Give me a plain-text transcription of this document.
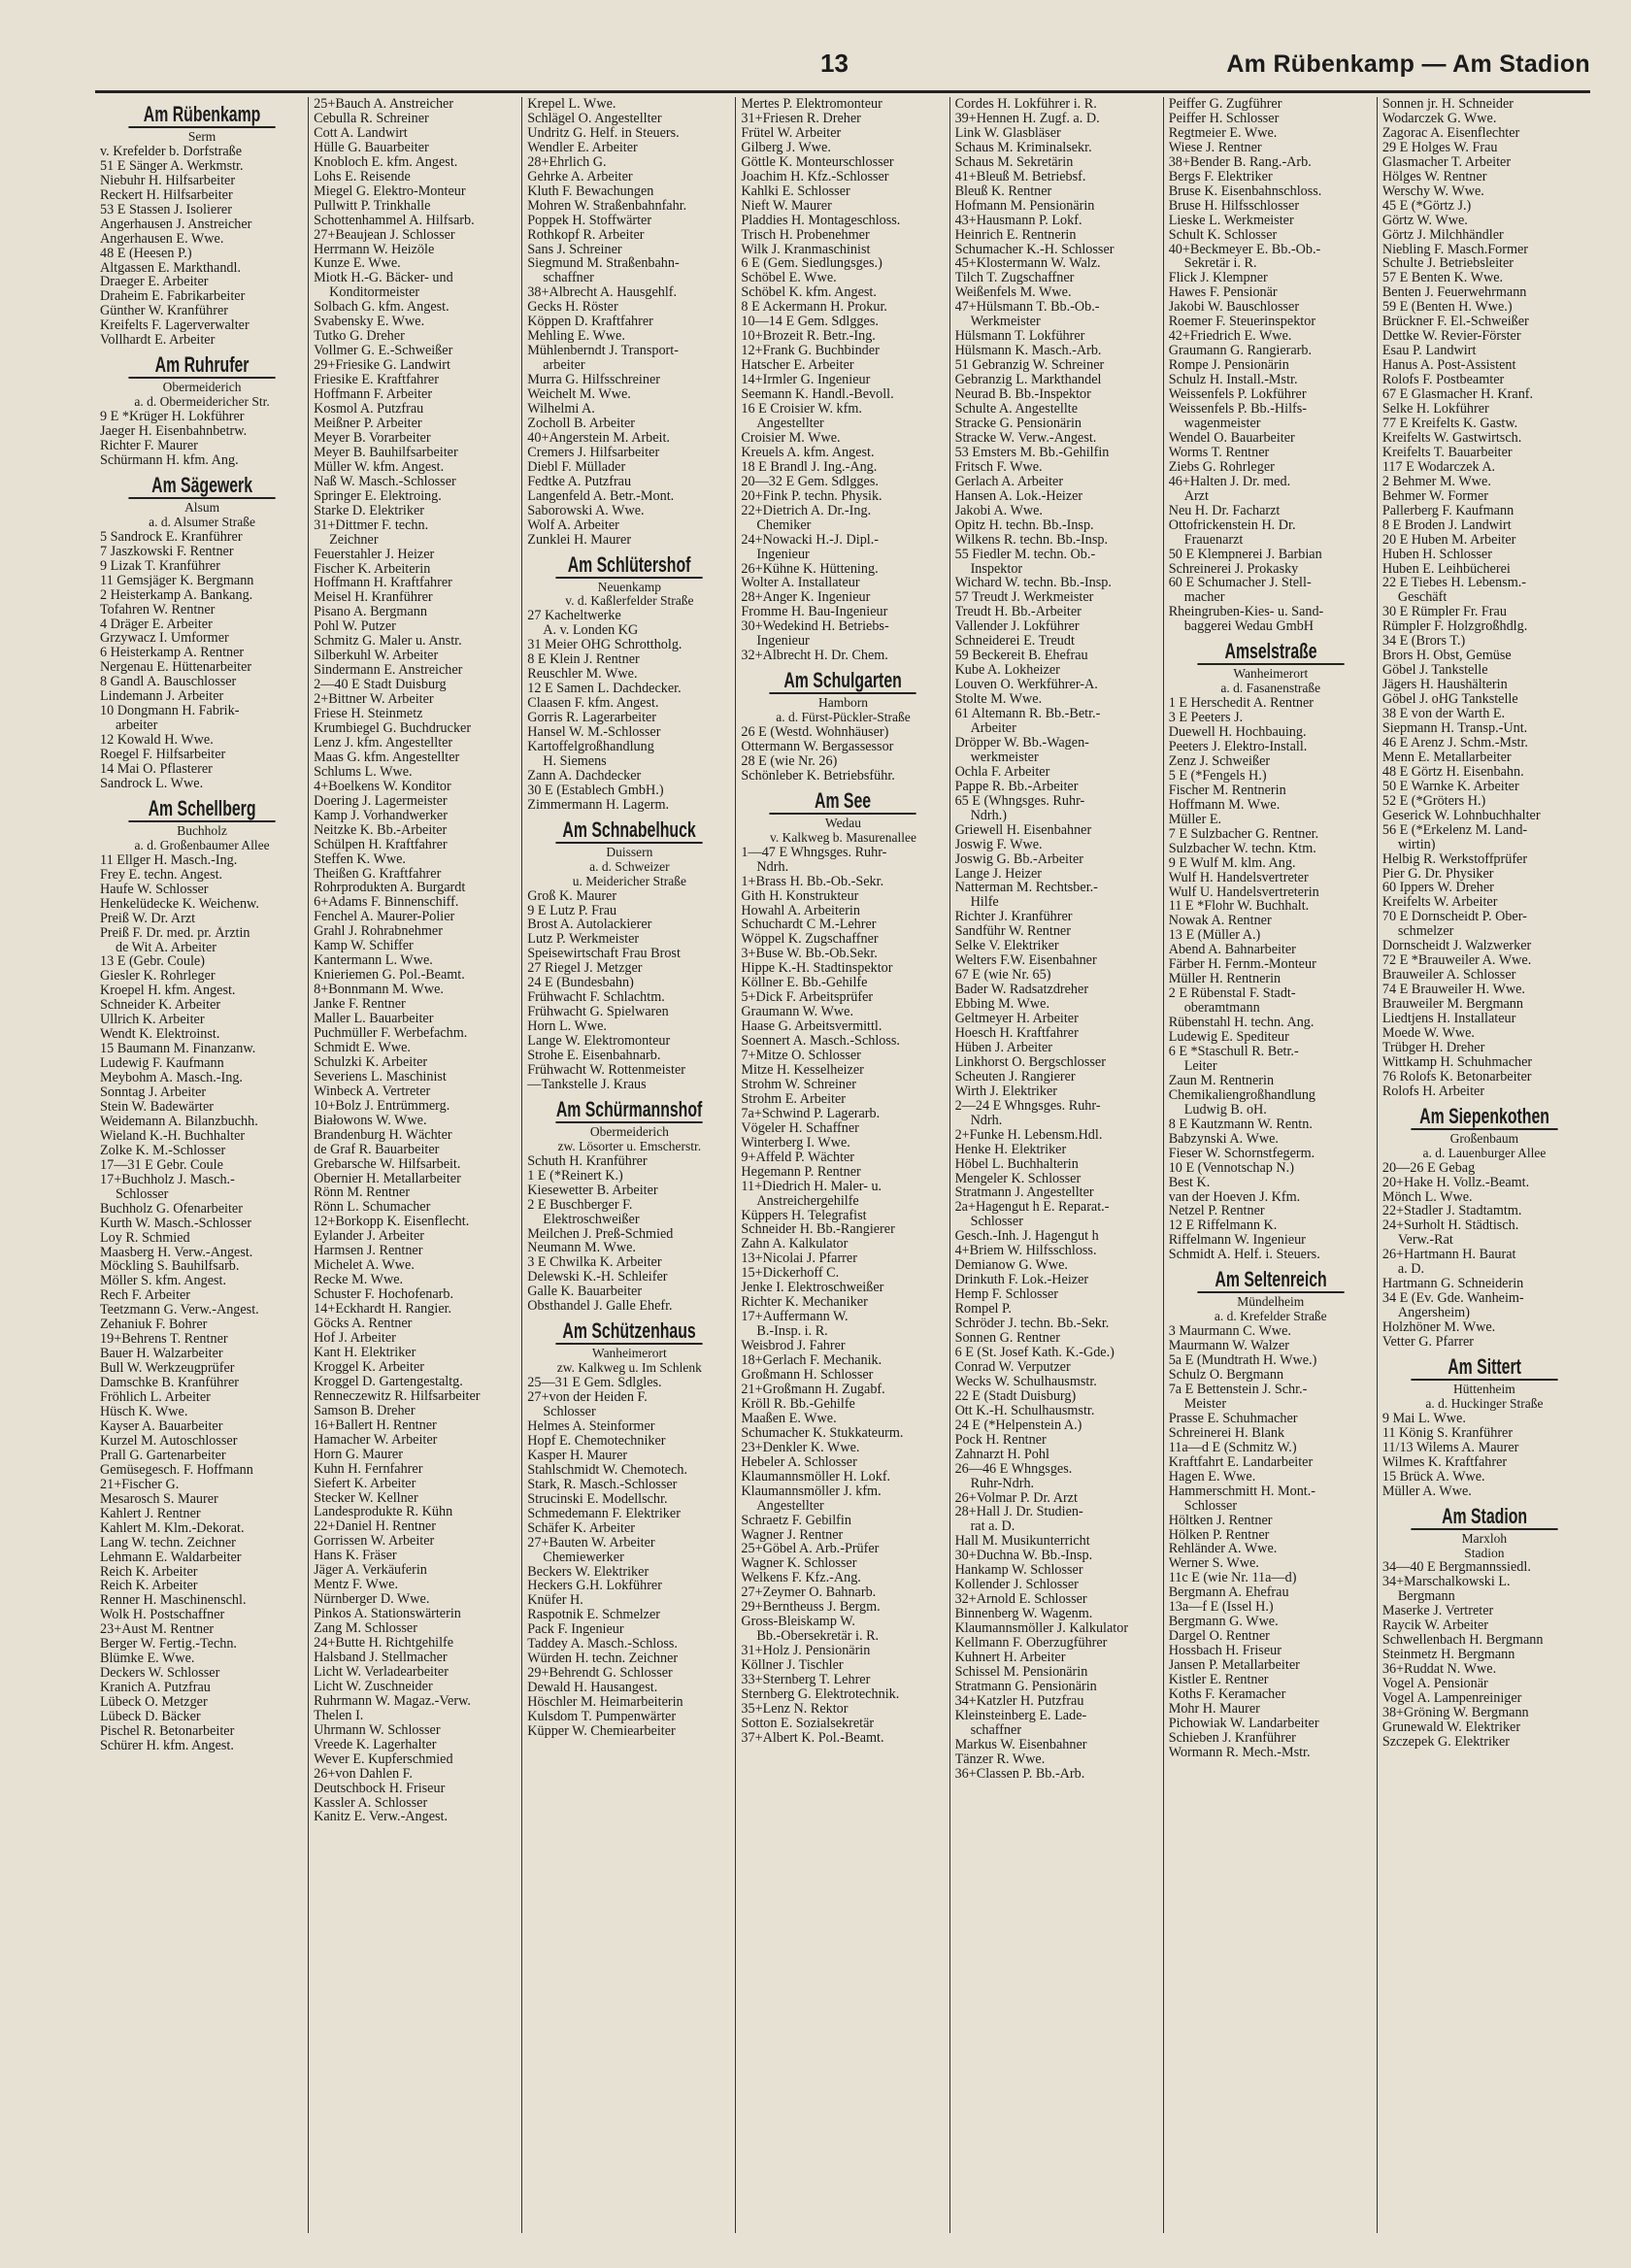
13	Am Rübenkamp — Am Stadion
Am Rübenkamp
Serm
v. Krefelder b. Dorfstraße
51 E Sänger A. Werkmstr.
Niebuhr H. Hilfsarbeiter
Reckert H. Hilfsarbeiter
53 E Stassen J. Isolierer
Angerhausen J. Anstreicher
Angerhausen E. Wwe.
48 E (Heesen P.)
Altgassen E. Markthandl.
Draeger E. Arbeiter
Draheim E. Fabrikarbeiter
Günther W. Kranführer
Kreifelts F. Lagerverwalter
Vollhardt E. Arbeiter
Am Ruhrufer
Obermeiderich
a. d. Obermeidericher Str.
9 E *Krüger H. Lokführer
Jaeger H. Eisenbahnbetrw.
Richter F. Maurer
Schürmann H. kfm. Ang.
Am Sägewerk
Alsum
a. d. Alsumer Straße
5 Sandrock E. Kranführer
7 Jaszkowski F. Rentner
9 Lizak T. Kranführer
11 Gemsjäger K. Bergmann
2 Heisterkamp A. Bankang.
Tofahren W. Rentner
4 Dräger E. Arbeiter
Grzywacz I. Umformer
6 Heisterkamp A. Rentner
Nergenau E. Hüttenarbeiter
8 Gandl A. Bauschlosser
Lindemann J. Arbeiter
10 Dongmann H. Fabrik-
arbeiter
12 Kowald H. Wwe.
Roegel F. Hilfsarbeiter
14 Mai O. Pflasterer
Sandrock L. Wwe.
Am Schellberg
Buchholz
a. d. Großenbaumer Allee
11 Ellger H. Masch.-Ing.
Frey E. techn. Angest.
Haufe W. Schlosser
Henkelüdecke K. Weichenw.
Preiß W. Dr. Arzt
Preiß F. Dr. med. pr. Ärztin
de Wit A. Arbeiter
13 E (Gebr. Coule)
Giesler K. Rohrleger
Kroepel H. kfm. Angest.
Schneider K. Arbeiter
Ullrich K. Arbeiter
Wendt K. Elektroinst.
15 Baumann M. Finanzanw.
Ludewig F. Kaufmann
Meybohm A. Masch.-Ing.
Sonntag J. Arbeiter
Stein W. Badewärter
Weidemann A. Bilanzbuchh.
Wieland K.-H. Buchhalter
Zolke K. M.-Schlosser
17—31 E Gebr. Coule
17+Buchholz J. Masch.-
Schlosser
Buchholz G. Ofenarbeiter
Kurth W. Masch.-Schlosser
Loy R. Schmied
Maasberg H. Verw.-Angest.
Möckling S. Bauhilfsarb.
Möller S. kfm. Angest.
Rech F. Arbeiter
Teetzmann G. Verw.-Angest.
Zehaniuk F. Bohrer
19+Behrens T. Rentner
Bauer H. Walzarbeiter
Bull W. Werkzeugprüfer
Damschke B. Kranführer
Fröhlich L. Arbeiter
Hüsch K. Wwe.
Kayser A. Bauarbeiter
Kurzel M. Autoschlosser
Prall G. Gartenarbeiter
Gemüsegesch. F. Hoffmann
21+Fischer G.
Mesarosch S. Maurer
Kahlert J. Rentner
Kahlert M. Klm.-Dekorat.
Lang W. techn. Zeichner
Lehmann E. Waldarbeiter
Reich K. Arbeiter
Reich K. Arbeiter
Renner H. Maschinenschl.
Wolk H. Postschaffner
23+Aust M. Rentner
Berger W. Fertig.-Techn.
Blümke E. Wwe.
Deckers W. Schlosser
Kranich A. Putzfrau
Lübeck O. Metzger
Lübeck D. Bäcker
Pischel R. Betonarbeiter
Schürer H. kfm. Angest.
25+Bauch A. Anstreicher
Cebulla R. Schreiner
Cott A. Landwirt
Hülle G. Bauarbeiter
Knobloch E. kfm. Angest.
Lohs E. Reisende
Miegel G. Elektro-Monteur
Pullwitt P. Trinkhalle
Schottenhammel A. Hilfsarb.
27+Beaujean J. Schlosser
Herrmann W. Heizöle
Kunze E. Wwe.
Miotk H.-G. Bäcker- und
Konditormeister
Solbach G. kfm. Angest.
Svabensky E. Wwe.
Tutko G. Dreher
Vollmer G. E.-Schweißer
29+Friesike G. Landwirt
Friesike E. Kraftfahrer
Hoffmann F. Arbeiter
Kosmol A. Putzfrau
Meißner P. Arbeiter
Meyer B. Vorarbeiter
Meyer B. Bauhilfsarbeiter
Müller W. kfm. Angest.
Naß W. Masch.-Schlosser
Springer E. Elektroing.
Starke D. Elektriker
31+Dittmer F. techn.
Zeichner
Feuerstahler J. Heizer
Fischer K. Arbeiterin
Hoffmann H. Kraftfahrer
Meisel H. Kranführer
Pisano A. Bergmann
Pohl W. Putzer
Schmitz G. Maler u. Anstr.
Silberkuhl W. Arbeiter
Sindermann E. Anstreicher
2—40 E Stadt Duisburg
2+Bittner W. Arbeiter
Friese H. Steinmetz
Krumbiegel G. Buchdrucker
Lenz J. kfm. Angestellter
Maas G. kfm. Angestellter
Schlums L. Wwe.
4+Boelkens W. Konditor
Doering J. Lagermeister
Kamp J. Vorhandwerker
Neitzke K. Bb.-Arbeiter
Schülpen H. Kraftfahrer
Steffen K. Wwe.
Theißen G. Kraftfahrer
Rohrprodukten A. Burgardt
6+Adams F. Binnenschiff.
Fenchel A. Maurer-Polier
Grahl J. Rohrabnehmer
Kamp W. Schiffer
Kantermann L. Wwe.
Knieriemen G. Pol.-Beamt.
8+Bonnmann M. Wwe.
Janke F. Rentner
Maller L. Bauarbeiter
Puchmüller F. Werbefachm.
Schmidt E. Wwe.
Schulzki K. Arbeiter
Severiens L. Maschinist
Winbeck A. Vertreter
10+Bolz J. Entrümmerg.
Białowons W. Wwe.
Brandenburg H. Wächter
de Graf R. Bauarbeiter
Grebarsche W. Hilfsarbeit.
Obernier H. Metallarbeiter
Rönn M. Rentner
Rönn L. Schumacher
12+Borkopp K. Eisenflecht.
Eylander J. Arbeiter
Harmsen J. Rentner
Michelet A. Wwe.
Recke M. Wwe.
Schuster F. Hochofenarb.
14+Eckhardt H. Rangier.
Göcks A. Rentner
Hof J. Arbeiter
Kant H. Elektriker
Kroggel K. Arbeiter
Kroggel D. Gartengestaltg.
Renneczewitz R. Hilfsarbeiter
Samson B. Dreher
16+Ballert H. Rentner
Hamacher W. Arbeiter
Horn G. Maurer
Kuhn H. Fernfahrer
Siefert K. Arbeiter
Stecker W. Kellner
Landesprodukte R. Kühn
22+Daniel H. Rentner
Gorrissen W. Arbeiter
Hans K. Fräser
Jäger A. Verkäuferin
Mentz F. Wwe.
Nürnberger D. Wwe.
Pinkos A. Stationswärterin
Zang M. Schlosser
24+Butte H. Richtgehilfe
Halsband J. Stellmacher
Licht W. Verladearbeiter
Licht W. Zuschneider
Ruhrmann W. Magaz.-Verw.
Thelen I.
Uhrmann W. Schlosser
Vreede K. Lagerhalter
Wever E. Kupferschmied
26+von Dahlen F.
Deutschbock H. Friseur
Kassler A. Schlosser
Kanitz E. Verw.-Angest.
Krepel L. Wwe.
Schlägel O. Angestellter
Undritz G. Helf. in Steuers.
Wendler E. Arbeiter
28+Ehrlich G.
Gehrke A. Arbeiter
Kluth F. Bewachungen
Mohren W. Straßenbahnfahr.
Poppek H. Stoffwärter
Rothkopf R. Arbeiter
Sans J. Schreiner
Siegmund M. Straßenbahn-
schaffner
38+Albrecht A. Hausgehlf.
Gecks H. Röster
Köppen D. Kraftfahrer
Mehling E. Wwe.
Mühlenberndt J. Transport-
arbeiter
Murra G. Hilfsschreiner
Weichelt M. Wwe.
Wilhelmi A.
Zocholl B. Arbeiter
40+Angerstein M. Arbeit.
Cremers J. Hilfsarbeiter
Diebl F. Müllader
Fedtke A. Putzfrau
Langenfeld A. Betr.-Mont.
Saborowski A. Wwe.
Wolf A. Arbeiter
Zunklei H. Maurer
Am Schlütershof
Neuenkamp
v. d. Kaßlerfelder Straße
27 Kacheltwerke
A. v. Londen KG
31 Meier OHG Schrottholg.
8 E Klein J. Rentner
Reuschler M. Wwe.
12 E Samen L. Dachdecker.
Claasen F. kfm. Angest.
Gorris R. Lagerarbeiter
Hansel W. M.-Schlosser
Kartoffelgroßhandlung
H. Siemens
Zann A. Dachdecker
30 E (Establech GmbH.)
Zimmermann H. Lagerm.
Am Schnabelhuck
Duissern
a. d. Schweizer
u. Meidericher Straße
Groß K. Maurer
9 E Lutz P. Frau
Brost A. Autolackierer
Lutz P. Werkmeister
Speisewirtschaft Frau Brost
27 Riegel J. Metzger
24 E (Bundesbahn)
Frühwacht F. Schlachtm.
Frühwacht G. Spielwaren
Horn L. Wwe.
Lange W. Elektromonteur
Strohe E. Eisenbahnarb.
Frühwacht W. Rottenmeister
—Tankstelle J. Kraus
Am Schürmannshof
Obermeiderich
zw. Lösorter u. Emscherstr.
Schuth H. Kranführer
1 E (*Reinert K.)
Kiesewetter B. Arbeiter
2 E Buschberger F.
Elektroschweißer
Meilchen J. Preß-Schmied
Neumann M. Wwe.
3 E Chwilka K. Arbeiter
Delewski K.-H. Schleifer
Galle K. Bauarbeiter
Obsthandel J. Galle Ehefr.
Am Schützenhaus
Wanheimerort
zw. Kalkweg u. Im Schlenk
25—31 E Gem. Sdlgles.
27+von der Heiden F.
Schlosser
Helmes A. Steinformer
Hopf E. Chemotechniker
Kasper H. Maurer
Stahlschmidt W. Chemotech.
Stark, R. Masch.-Schlosser
Strucinski E. Modellschr.
Schmedemann F. Elektriker
Schäfer K. Arbeiter
27+Bauten W. Arbeiter
Chemiewerker
Beckers W. Elektriker
Heckers G.H. Lokführer
Knüfer H.
Raspotnik E. Schmelzer
Pack F. Ingenieur
Taddey A. Masch.-Schloss.
Würden H. techn. Zeichner
29+Behrendt G. Schlosser
Dewald H. Hausangest.
Höschler M. Heimarbeiterin
Kulsdom T. Pumpenwärter
Küpper W. Chemiearbeiter
Mertes P. Elektromonteur
31+Friesen R. Dreher
Frütel W. Arbeiter
Gilberg J. Wwe.
Göttle K. Monteurschlosser
Joachim H. Kfz.-Schlosser
Kahlki E. Schlosser
Nieft W. Maurer
Pladdies H. Montageschloss.
Trisch H. Probenehmer
Wilk J. Kranmaschinist
6 E (Gem. Siedlungsges.)
Schöbel E. Wwe.
Schöbel K. kfm. Angest.
8 E Ackermann H. Prokur.
10—14 E Gem. Sdlgges.
10+Brozeit R. Betr.-Ing.
12+Frank G. Buchbinder
Hatscher E. Arbeiter
14+Irmler G. Ingenieur
Seemann K. Handl.-Bevoll.
16 E Croisier W. kfm.
Angestellter
Croisier M. Wwe.
Kreuels A. kfm. Angest.
18 E Brandl J. Ing.-Ang.
20—32 E Gem. Sdlgges.
20+Fink P. techn. Physik.
22+Dietrich A. Dr.-Ing.
Chemiker
24+Nowacki H.-J. Dipl.-
Ingenieur
26+Kühne K. Hüttening.
Wolter A. Installateur
28+Anger K. Ingenieur
Fromme H. Bau-Ingenieur
30+Wedekind H. Betriebs-
Ingenieur
32+Albrecht H. Dr. Chem.
Am Schulgarten
Hamborn
a. d. Fürst-Pückler-Straße
26 E (Westd. Wohnhäuser)
Ottermann W. Bergassessor
28 E (wie Nr. 26)
Schönleber K. Betriebsführ.
Am See
Wedau
v. Kalkweg b. Masurenallee
1—47 E Whngsges. Ruhr-
Ndrh.
1+Brass H. Bb.-Ob.-Sekr.
Gith H. Konstrukteur
Howahl A. Arbeiterin
Schuchardt C M.-Lehrer
Wöppel K. Zugschaffner
3+Buse W. Bb.-Ob.Sekr.
Hippe K.-H. Stadtinspektor
Köllner E. Bb.-Gehilfe
5+Dick F. Arbeitsprüfer
Graumann W. Wwe.
Haase G. Arbeitsvermittl.
Soennert A. Masch.-Schloss.
7+Mitze O. Schlosser
Mitze H. Kesselheizer
Strohm W. Schreiner
Strohm E. Arbeiter
7a+Schwind P. Lagerarb.
Vögeler H. Schaffner
Winterberg I. Wwe.
9+Affeld P. Wächter
Hegemann P. Rentner
11+Diedrich H. Maler- u.
Anstreichergehilfe
Küppers H. Telegrafist
Schneider H. Bb.-Rangierer
Zahn A. Kalkulator
13+Nicolai J. Pfarrer
15+Dickerhoff C.
Jenke I. Elektroschweißer
Richter K. Mechaniker
17+Auffermann W.
B.-Insp. i. R.
Weisbrod J. Fahrer
18+Gerlach F. Mechanik.
Großmann H. Schlosser
21+Großmann H. Zugabf.
Kröll R. Bb.-Gehilfe
Maaßen E. Wwe.
Schumacher K. Stukkateurm.
23+Denkler K. Wwe.
Hebeler A. Schlosser
Klaumannsmöller H. Lokf.
Klaumannsmöller J. kfm.
Angestellter
Schraetz F. Gebilfin
Wagner J. Rentner
25+Göbel A. Arb.-Prüfer
Wagner K. Schlosser
Welkens F. Kfz.-Ang.
27+Zeymer O. Bahnarb.
29+Berntheuss J. Bergm.
Gross-Bleiskamp W.
Bb.-Obersekretär i. R.
31+Holz J. Pensionärin
Köllner J. Tischler
33+Sternberg T. Lehrer
Sternberg G. Elektrotechnik.
35+Lenz N. Rektor
Sotton E. Sozialsekretär
37+Albert K. Pol.-Beamt.
Cordes H. Lokführer i. R.
39+Hennen H. Zugf. a. D.
Link W. Glasbläser
Schaus M. Kriminalsekr.
Schaus M. Sekretärin
41+Bleuß M. Betriebsf.
Bleuß K. Rentner
Hofmann M. Pensionärin
43+Hausmann P. Lokf.
Heinrich E. Rentnerin
Schumacher K.-H. Schlosser
45+Klostermann W. Walz.
Tilch T. Zugschaffner
Weißenfels M. Wwe.
47+Hülsmann T. Bb.-Ob.-
Werkmeister
Hülsmann T. Lokführer
Hülsmann K. Masch.-Arb.
51 Gebranzig W. Schreiner
Gebranzig L. Markthandel
Neurad B. Bb.-Inspektor
Schulte A. Angestellte
Stracke G. Pensionärin
Stracke W. Verw.-Angest.
53 Emsters M. Bb.-Gehilfin
Fritsch F. Wwe.
Gerlach A. Arbeiter
Hansen A. Lok.-Heizer
Jakobi A. Wwe.
Opitz H. techn. Bb.-Insp.
Wilkens R. techn. Bb.-Insp.
55 Fiedler M. techn. Ob.-
Inspektor
Wichard W. techn. Bb.-Insp.
57 Treudt J. Werkmeister
Treudt H. Bb.-Arbeiter
Vallender J. Lokführer
Schneiderei E. Treudt
59 Beckereit B. Ehefrau
Kube A. Lokheizer
Louven O. Werkführer-A.
Stolte M. Wwe.
61 Altemann R. Bb.-Betr.-
Arbeiter
Dröpper W. Bb.-Wagen-
werkmeister
Ochla F. Arbeiter
Pappe R. Bb.-Arbeiter
65 E (Whngsges. Ruhr-
Ndrh.)
Griewell H. Eisenbahner
Joswig F. Wwe.
Joswig G. Bb.-Arbeiter
Lange J. Heizer
Natterman M. Rechtsber.-
Hilfe
Richter J. Kranführer
Sandführ W. Rentner
Selke V. Elektriker
Welters F.W. Eisenbahner
67 E (wie Nr. 65)
Bader W. Radsatzdreher
Ebbing M. Wwe.
Geltmeyer H. Arbeiter
Hoesch H. Kraftfahrer
Hüben J. Arbeiter
Linkhorst O. Bergschlosser
Scheuten J. Rangierer
Wirth J. Elektriker
2—24 E Whngsges. Ruhr-
Ndrh.
2+Funke H. Lebensm.Hdl.
Henke H. Elektriker
Höbel L. Buchhalterin
Mengeler K. Schlosser
Stratmann J. Angestellter
2a+Hagengut h E. Reparat.-
Schlosser
Gesch.-Inh. J. Hagengut h
4+Briem W. Hilfsschloss.
Demianow G. Wwe.
Drinkuth F. Lok.-Heizer
Hemp F. Schlosser
Rompel P.
Schröder J. techn. Bb.-Sekr.
Sonnen G. Rentner
6 E (St. Josef Kath. K.-Gde.)
Conrad W. Verputzer
Wecks W. Schulhausmstr.
22 E (Stadt Duisburg)
Ott K.-H. Schulhausmstr.
24 E (*Helpenstein A.)
Pock H. Rentner
Zahnarzt H. Pohl
26—46 E Whngsges.
Ruhr-Ndrh.
26+Volmar P. Dr. Arzt
28+Hall J. Dr. Studien-
rat a. D.
Hall M. Musikunterricht
30+Duchna W. Bb.-Insp.
Hankamp W. Schlosser
Kollender J. Schlosser
32+Arnold E. Schlosser
Binnenberg W. Wagenm.
Klaumannsmöller J. Kalkulator
Kellmann F. Oberzugführer
Kuhnert H. Arbeiter
Schissel M. Pensionärin
Stratmann G. Pensionärin
34+Katzler H. Putzfrau
Kleinsteinberg E. Lade-
schaffner
Markus W. Eisenbahner
Tänzer R. Wwe.
36+Classen P. Bb.-Arb.
Peiffer G. Zugführer
Peiffer H. Schlosser
Regtmeier E. Wwe.
Wiese J. Rentner
38+Bender B. Rang.-Arb.
Bergs F. Elektriker
Bruse K. Eisenbahnschloss.
Bruse H. Hilfsschlosser
Lieske L. Werkmeister
Schult K. Schlosser
40+Beckmeyer E. Bb.-Ob.-
Sekretär i. R.
Flick J. Klempner
Hawes F. Pensionär
Jakobi W. Bauschlosser
Roemer F. Steuerinspektor
42+Friedrich E. Wwe.
Graumann G. Rangierarb.
Rompe J. Pensionärin
Schulz H. Install.-Mstr.
Weissenfels P. Lokführer
Weissenfels P. Bb.-Hilfs-
wagenmeister
Wendel O. Bauarbeiter
Worms T. Rentner
Ziebs G. Rohrleger
46+Halten J. Dr. med.
Arzt
Neu H. Dr. Facharzt
Ottofrickenstein H. Dr.
Frauenarzt
50 E Klempnerei J. Barbian
Schreinerei J. Prokasky
60 E Schumacher J. Stell-
macher
Rheingruben-Kies- u. Sand-
baggerei Wedau GmbH
Amselstraße
Wanheimerort
a. d. Fasanenstraße
1 E Herschedit A. Rentner
3 E Peeters J.
Duewell H. Hochbauing.
Peeters J. Elektro-Install.
Zenz J. Schweißer
5 E (*Fengels H.)
Fischer M. Rentnerin
Hoffmann M. Wwe.
Müller E.
7 E Sulzbacher G. Rentner.
Sulzbacher W. techn. Ktm.
9 E Wulf M. klm. Ang.
Wulf H. Handelsvertreter
Wulf U. Handelsvertreterin
11 E *Flohr W. Buchhalt.
Nowak A. Rentner
13 E (Müller A.)
Abend A. Bahnarbeiter
Färber H. Fernm.-Monteur
Müller H. Rentnerin
2 E Rübenstal F. Stadt-
oberamtmann
Rübenstahl H. techn. Ang.
Ludewig E. Spediteur
6 E *Staschull R. Betr.-
Leiter
Zaun M. Rentnerin
Chemikaliengroßhandlung
Ludwig B. oH.
8 E Kautzmann W. Rentn.
Babzynski A. Wwe.
Fieser W. Schornstfegerm.
10 E (Vennotschap N.)
Best K.
van der Hoeven J. Kfm.
Netzel P. Rentner
12 E Riffelmann K.
Riffelmann W. Ingenieur
Schmidt A. Helf. i. Steuers.
Am Seltenreich
Mündelheim
a. d. Krefelder Straße
3 Maurmann C. Wwe.
Maurmann W. Walzer
5a E (Mundtrath H. Wwe.)
Schulz O. Bergmann
7a E Bettenstein J. Schr.-
Meister
Prasse E. Schuhmacher
Schreinerei H. Blank
11a—d E (Schmitz W.)
Kraftfahrt E. Landarbeiter
Hagen E. Wwe.
Hammerschmitt H. Mont.-
Schlosser
Höltken J. Rentner
Hölken P. Rentner
Rehländer A. Wwe.
Werner S. Wwe.
11c E (wie Nr. 11a—d)
Bergmann A. Ehefrau
13a—f E (Issel H.)
Bergmann G. Wwe.
Dargel O. Rentner
Hossbach H. Friseur
Jansen P. Metallarbeiter
Kistler E. Rentner
Koths F. Keramacher
Mohr H. Maurer
Pichowiak W. Landarbeiter
Schieben J. Kranführer
Wormann R. Mech.-Mstr.
Sonnen jr. H. Schneider
Wodarczek G. Wwe.
Zagorac A. Eisenflechter
29 E Holges W. Frau
Glasmacher T. Arbeiter
Hölges W. Rentner
Werschy W. Wwe.
45 E (*Görtz J.)
Görtz W. Wwe.
Görtz J. Milchhändler
Niebling F. Masch.Former
Schulte J. Betriebsleiter
57 E Benten K. Wwe.
Benten J. Feuerwehrmann
59 E (Benten H. Wwe.)
Brückner F. El.-Schweißer
Dettke W. Revier-Förster
Esau P. Landwirt
Hanus A. Post-Assistent
Rolofs F. Postbeamter
67 E Glasmacher H. Kranf.
Selke H. Lokführer
77 E Kreifelts K. Gastw.
Kreifelts W. Gastwirtsch.
Kreifelts T. Bauarbeiter
117 E Wodarczek A.
2 Behmer M. Wwe.
Behmer W. Former
Pallerberg F. Kaufmann
8 E Broden J. Landwirt
20 E Huben M. Arbeiter
Huben H. Schlosser
Huben E. Leihbücherei
22 E Tiebes H. Lebensm.-
Geschäft
30 E Rümpler Fr. Frau
Rümpler F. Holzgroßhdlg.
34 E (Brors T.)
Brors H. Obst, Gemüse
Göbel J. Tankstelle
Jägers H. Haushälterin
Göbel J. oHG Tankstelle
38 E von der Warth E.
Siepmann H. Transp.-Unt.
46 E Arenz J. Schm.-Mstr.
Menn E. Metallarbeiter
48 E Görtz H. Eisenbahn.
50 E Warnke K. Arbeiter
52 E (*Gröters H.)
Geserick W. Lohnbuchhalter
56 E (*Erkelenz M. Land-
wirtin)
Helbig R. Werkstoffprüfer
Pier G. Dr. Physiker
60 Ippers W. Dreher
Kreifelts W. Arbeiter
70 E Dornscheidt P. Ober-
schmelzer
Dornscheidt J. Walzwerker
72 E *Brauweiler A. Wwe.
Brauweiler A. Schlosser
74 E Brauweiler H. Wwe.
Brauweiler M. Bergmann
Liedtjens H. Installateur
Moede W. Wwe.
Trübger H. Dreher
Wittkamp H. Schuhmacher
76 Rolofs K. Betonarbeiter
Rolofs H. Arbeiter
Am Siepenkothen
Großenbaum
a. d. Lauenburger Allee
20—26 E Gebag
20+Hake H. Vollz.-Beamt.
Mönch L. Wwe.
22+Stadler J. Stadtamtm.
24+Surholt H. Städtisch.
Verw.-Rat
26+Hartmann H. Baurat
a. D.
Hartmann G. Schneiderin
34 E (Ev. Gde. Wanheim-
Angersheim)
Holzhöner M. Wwe.
Vetter G. Pfarrer
Am Sittert
Hüttenheim
a. d. Huckinger Straße
9 Mai L. Wwe.
11 König S. Kranführer
11/13 Wilems A. Maurer
Wilmes K. Kraftfahrer
15 Brück A. Wwe.
Müller A. Wwe.
Am Stadion
Marxloh
Stadion
34—40 E Bergmannssiedl.
34+Marschalkowski L.
Bergmann
Maserke J. Vertreter
Raycik W. Arbeiter
Schwellenbach H. Bergmann
Steinmetz H. Bergmann
36+Ruddat N. Wwe.
Vogel A. Pensionär
Vogel A. Lampenreiniger
38+Gröning W. Bergmann
Grunewald W. Elektriker
Szczepek G. Elektriker
